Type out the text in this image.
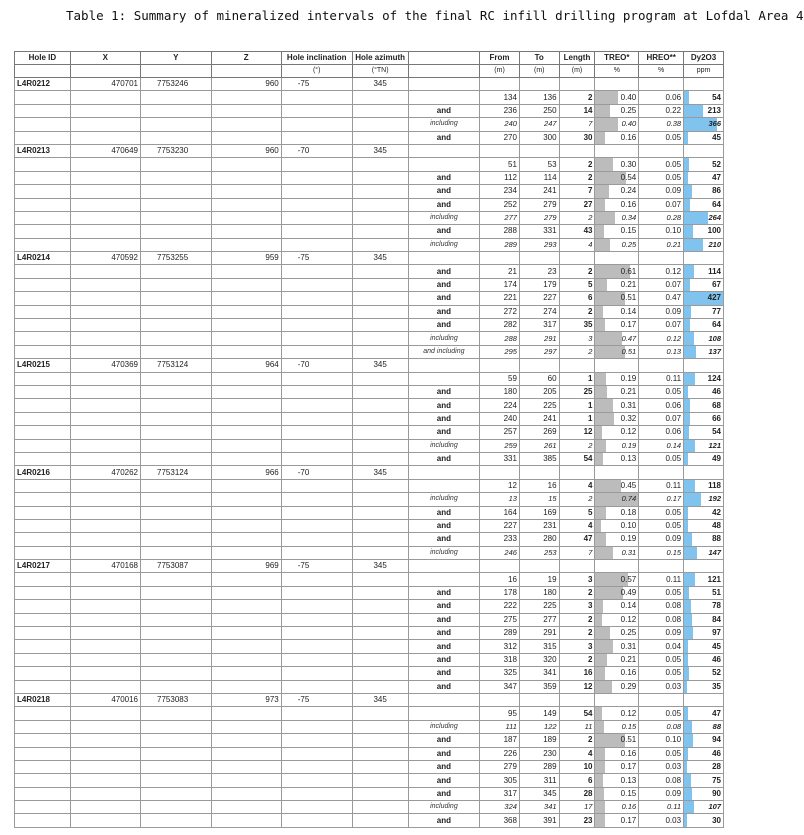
Table 1: Summary of mineralized intervals of the final RC infill drilling program at Lofdal Area 4
Hole ID	X	Y	Z	Hole inclination	Hole azimuth		From	To	Length	TREO*	HREO**	Dy2O3
				(°)	(°TN)		(m)	(m)	(m)	%	%	ppm
L4R0212	470701	7753246	960	-75	345							
							134	136	2	0.40	0.06	54
						and	236	250	14	0.25	0.22	213
						including	240	247	7	0.40	0.38	366
						and	270	300	30	0.16	0.05	45
L4R0213	470649	7753230	960	-70	345							
							51	53	2	0.30	0.05	52
						and	112	114	2	0.54	0.05	47
						and	234	241	7	0.24	0.09	86
						and	252	279	27	0.16	0.07	64
						including	277	279	2	0.34	0.28	264
						and	288	331	43	0.15	0.10	100
						including	289	293	4	0.25	0.21	210
L4R0214	470592	7753255	959	-75	345							
						and	21	23	2	0.61	0.12	114
						and	174	179	5	0.21	0.07	67
						and	221	227	6	0.51	0.47	427
						and	272	274	2	0.14	0.09	77
						and	282	317	35	0.17	0.07	64
						including	288	291	3	0.47	0.12	108
						and including	295	297	2	0.51	0.13	137
L4R0215	470369	7753124	964	-70	345							
							59	60	1	0.19	0.11	124
						and	180	205	25	0.21	0.05	46
						and	224	225	1	0.31	0.06	68
						and	240	241	1	0.32	0.07	66
						and	257	269	12	0.12	0.06	54
						including	259	261	2	0.19	0.14	121
						and	331	385	54	0.13	0.05	49
L4R0216	470262	7753124	966	-70	345							
							12	16	4	0.45	0.11	118
						including	13	15	2	0.74	0.17	192
						and	164	169	5	0.18	0.05	42
						and	227	231	4	0.10	0.05	48
						and	233	280	47	0.19	0.09	88
						including	246	253	7	0.31	0.15	147
L4R0217	470168	7753087	969	-75	345							
							16	19	3	0.57	0.11	121
						and	178	180	2	0.49	0.05	51
						and	222	225	3	0.14	0.08	78
						and	275	277	2	0.12	0.08	84
						and	289	291	2	0.25	0.09	97
						and	312	315	3	0.31	0.04	45
						and	318	320	2	0.21	0.05	46
						and	325	341	16	0.16	0.05	52
						and	347	359	12	0.29	0.03	35
L4R0218	470016	7753083	973	-75	345							
							95	149	54	0.12	0.05	47
						including	111	122	11	0.15	0.08	88
						and	187	189	2	0.51	0.10	94
						and	226	230	4	0.16	0.05	46
						and	279	289	10	0.17	0.03	28
						and	305	311	6	0.13	0.08	75
						and	317	345	28	0.15	0.09	90
						including	324	341	17	0.16	0.11	107
						and	368	391	23	0.17	0.03	30
